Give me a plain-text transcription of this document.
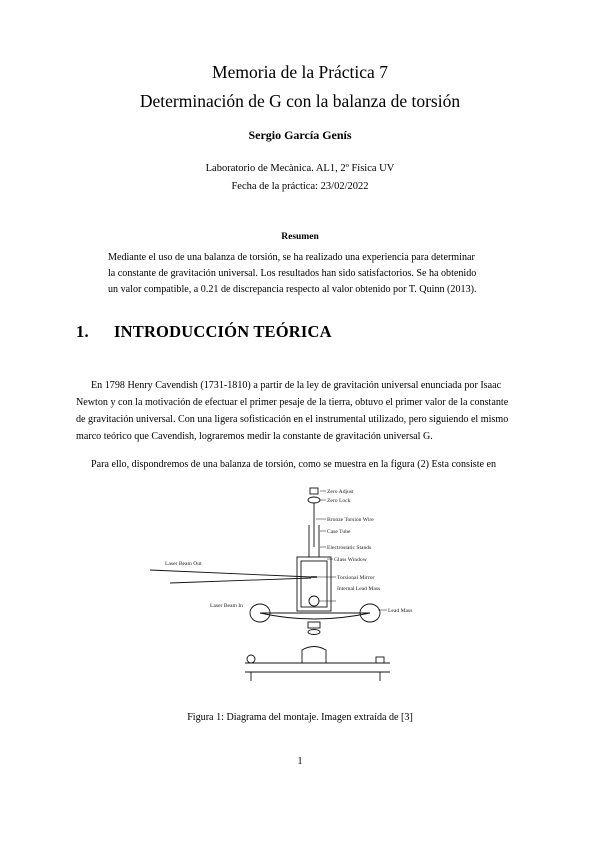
Memoria de la Práctica 7
Determinación de G con la balanza de torsión
Sergio García Genís
Laboratorio de Mecànica. AL1, 2º Física UV
Fecha de la práctica: 23/02/2022
Resumen
Mediante el uso de una balanza de torsión, se ha realizado una experiencia para determinar
la constante de gravitación universal. Los resultados han sido satisfactorios. Se ha obtenido
un valor compatible, a 0.21 de discrepancia respecto al valor obtenido por T. Quinn (2013).
1. INTRODUCCIÓN TEÓRICA
En 1798 Henry Cavendish (1731-1810) a partir de la ley de gravitación universal enunciada por Isaac
Newton y con la motivación de efectuar el primer pesaje de la tierra, obtuvo el primer valor de la constante
de gravitación universal. Con una ligera sofisticación en el instrumental utilizado, pero siguiendo el mismo
marco teórico que Cavendish, lograremos medir la constante de gravitación universal G.
Para ello, dispondremos de una balanza de torsión, como se muestra en la figura (2) Esta consiste en
Zero Adjust
Zero Lock
Bronze Torsion Wire
Case Tube
Electrostatic Stands
Glass Window
Torsional Mirror
Internal Lead Mass
Laser Beam Out
Laser Beam In
Lead Mass
Figura 1: Diagrama del montaje. Imagen extraída de [3]
1
